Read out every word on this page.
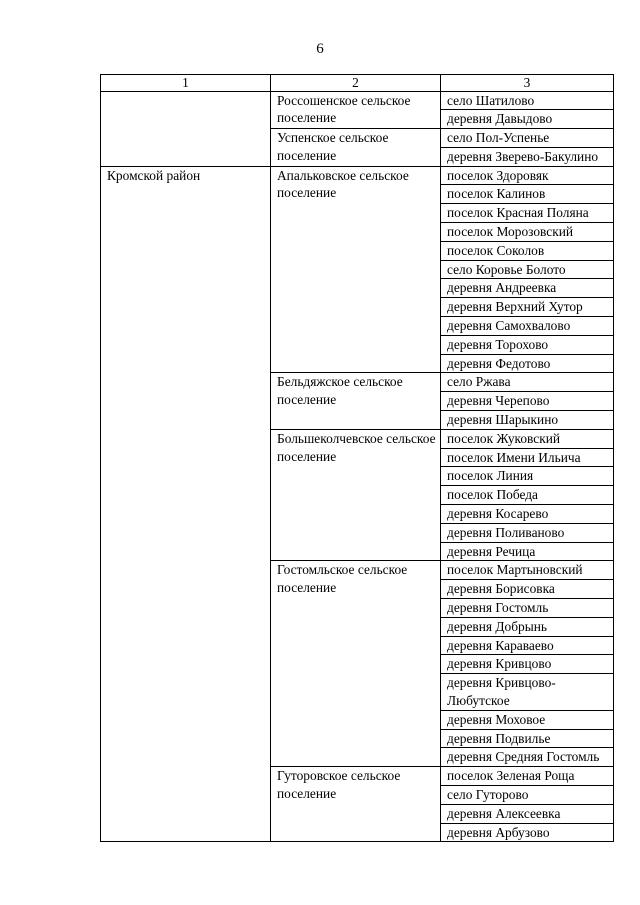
6
1	2	3
	Россошенское сельское поселение	село Шатилово
		деревня Давыдово
	Успенское сельское поселение	село Пол-Успенье
		деревня Зверево-Бакулино
Кромской район	Апальковское сельское поселение	поселок Здоровяк
		поселок Калинов
		поселок Красная Поляна
		поселок Морозовский
		поселок Соколов
		село Коровье Болото
		деревня Андреевка
		деревня Верхний Хутор
		деревня Самохвалово
		деревня Торохово
		деревня Федотово
	Бельдяжское сельское поселение	село Ржава
		деревня Черепово
		деревня Шарыкино
	Большеколчевское сельское поселение	поселок Жуковский
		поселок Имени Ильича
		поселок Линия
		поселок Победа
		деревня Косарево
		деревня Поливаново
		деревня Речица
	Гостомльское сельское поселение	поселок Мартыновский
		деревня Борисовка
		деревня Гостомль
		деревня Добрынь
		деревня Караваево
		деревня Кривцово
		деревня Кривцово-Любутское
		деревня Моховое
		деревня Подвилье
		деревня Средняя Гостомль
	Гуторовское сельское поселение	поселок Зеленая Роща
		село Гуторово
		деревня Алексеевка
		деревня Арбузово
